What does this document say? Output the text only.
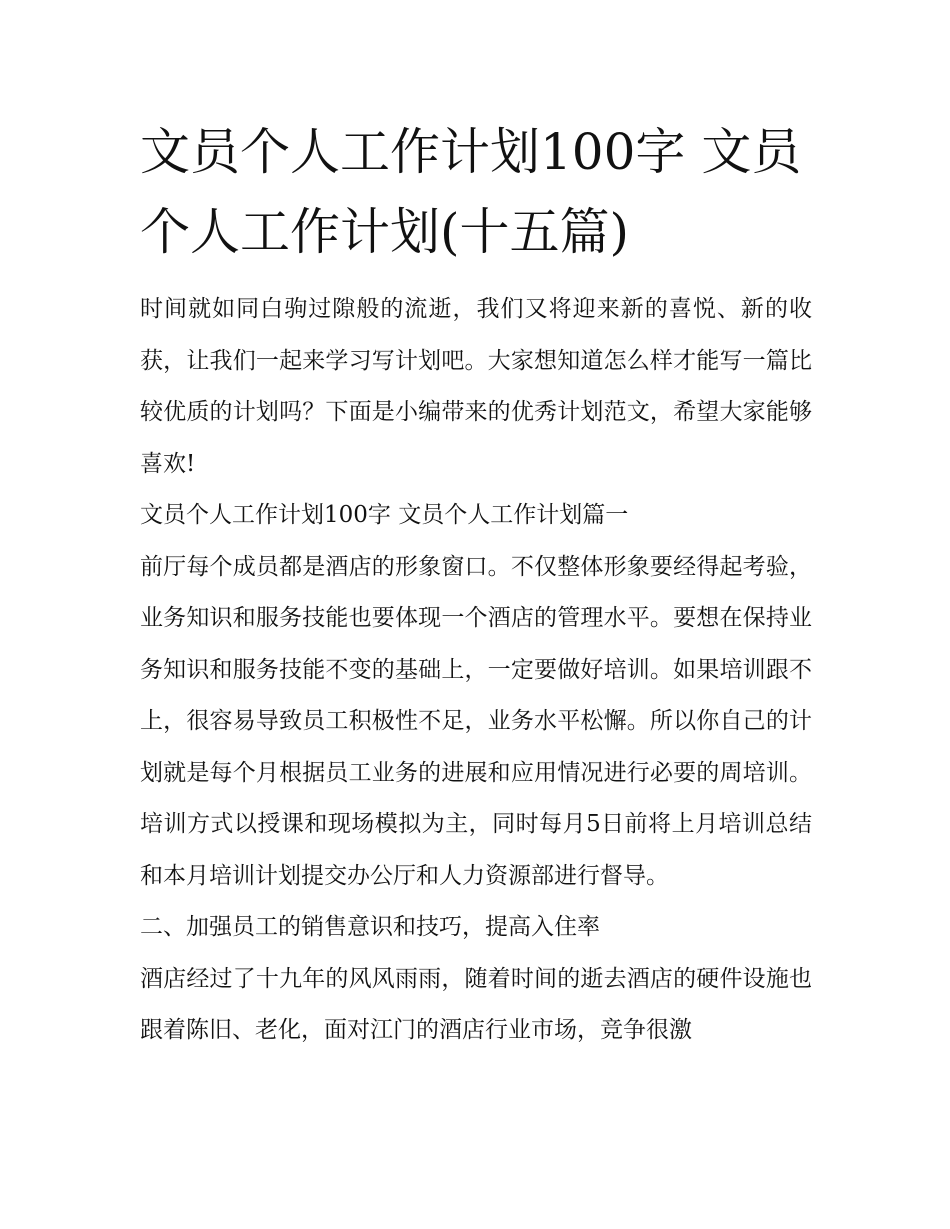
文员个人工作计划100字 文员个人工作计划(十五篇)

时间就如同白驹过隙般的流逝，我们又将迎来新的喜悦、新的收获，让我们一起来学习写计划吧。大家想知道怎么样才能写一篇比较优质的计划吗？下面是小编带来的优秀计划范文，希望大家能够喜欢!

文员个人工作计划100字 文员个人工作计划篇一

前厅每个成员都是酒店的形象窗口。不仅整体形象要经得起考验，业务知识和服务技能也要体现一个酒店的管理水平。要想在保持业务知识和服务技能不变的基础上，一定要做好培训。如果培训跟不上，很容易导致员工积极性不足，业务水平松懈。所以你自己的计划就是每个月根据员工业务的进展和应用情况进行必要的周培训。培训方式以授课和现场模拟为主，同时每月5日前将上月培训总结和本月培训计划提交办公厅和人力资源部进行督导。

二、加强员工的销售意识和技巧，提高入住率

酒店经过了十九年的风风雨雨，随着时间的逝去酒店的硬件设施也跟着陈旧、老化，面对江门的酒店行业市场，竞争很激
